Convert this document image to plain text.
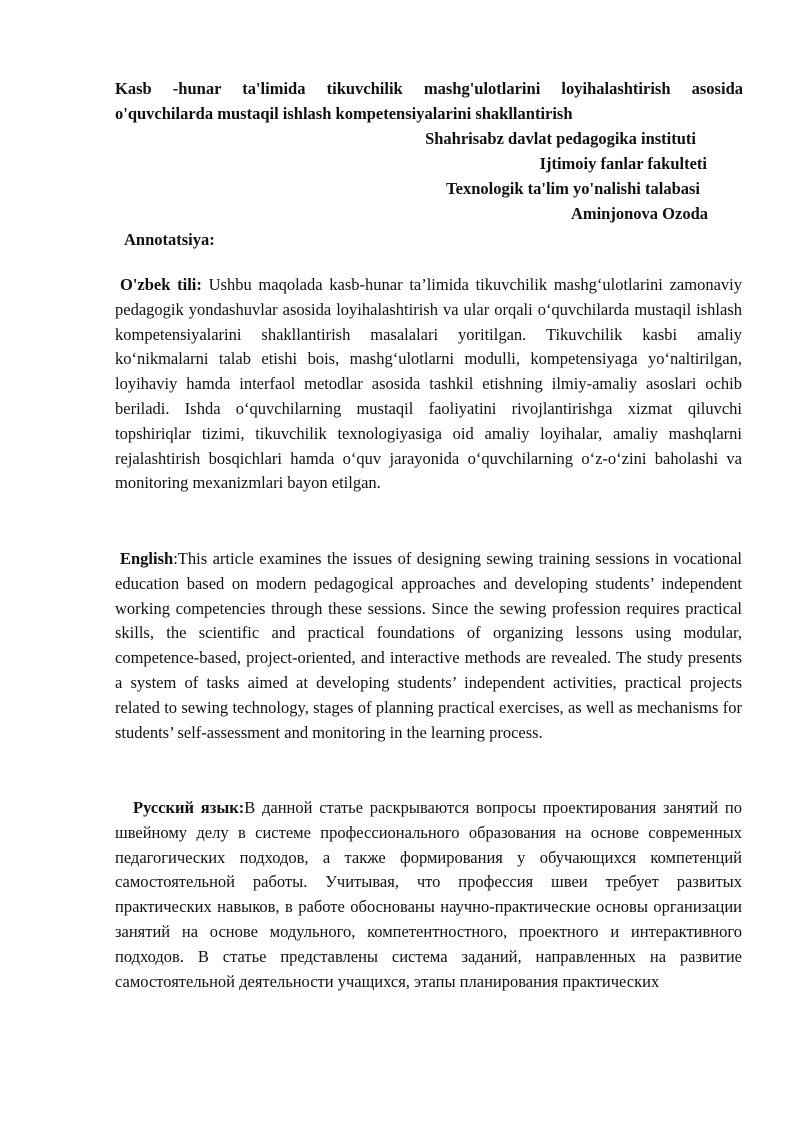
Kasb -hunar ta'limida tikuvchilik mashg'ulotlarini loyihalashtirish asosida o'quvchilarda mustaqil ishlash kompetensiyalarini shakllantirish

Shahrisabz davlat pedagogika instituti

Ijtimoiy fanlar fakulteti

Texnologik ta'lim yo'nalishi talabasi

Aminjonova Ozoda

Annotatsiya:

O'zbek tili: Ushbu maqolada kasb-hunar ta’limida tikuvchilik mashg‘ulotlarini zamonaviy pedagogik yondashuvlar asosida loyihalashtirish va ular orqali o‘quvchilarda mustaqil ishlash kompetensiyalarini shakllantirish masalalari yoritilgan. Tikuvchilik kasbi amaliy ko‘nikmalarni talab etishi bois, mashg‘ulotlarni modulli, kompetensiyaga yo‘naltirilgan, loyihaviy hamda interfaol metodlar asosida tashkil etishning ilmiy-amaliy asoslari ochib beriladi. Ishda o‘quvchilarning mustaqil faoliyatini rivojlantirishga xizmat qiluvchi topshiriqlar tizimi, tikuvchilik texnologiyasiga oid amaliy loyihalar, amaliy mashqlarni rejalashtirish bosqichlari hamda o‘quv jarayonida o‘quvchilarning o‘z-o‘zini baholashi va monitoring mexanizmlari bayon etilgan.

English:This article examines the issues of designing sewing training sessions in vocational education based on modern pedagogical approaches and developing students’ independent working competencies through these sessions. Since the sewing profession requires practical skills, the scientific and practical foundations of organizing lessons using modular, competence-based, project-oriented, and interactive methods are revealed. The study presents a system of tasks aimed at developing students’ independent activities, practical projects related to sewing technology, stages of planning practical exercises, as well as mechanisms for students’ self-assessment and monitoring in the learning process.

Русский язык:В данной статье раскрываются вопросы проектирования занятий по швейному делу в системе профессионального образования на основе современных педагогических подходов, а также формирования у обучающихся компетенций самостоятельной работы. Учитывая, что профессия швеи требует развитых практических навыков, в работе обоснованы научно-практические основы организации занятий на основе модульного, компетентностного, проектного и интерактивного подходов. В статье представлены система заданий, направленных на развитие самостоятельной деятельности учащихся, этапы планирования практических
